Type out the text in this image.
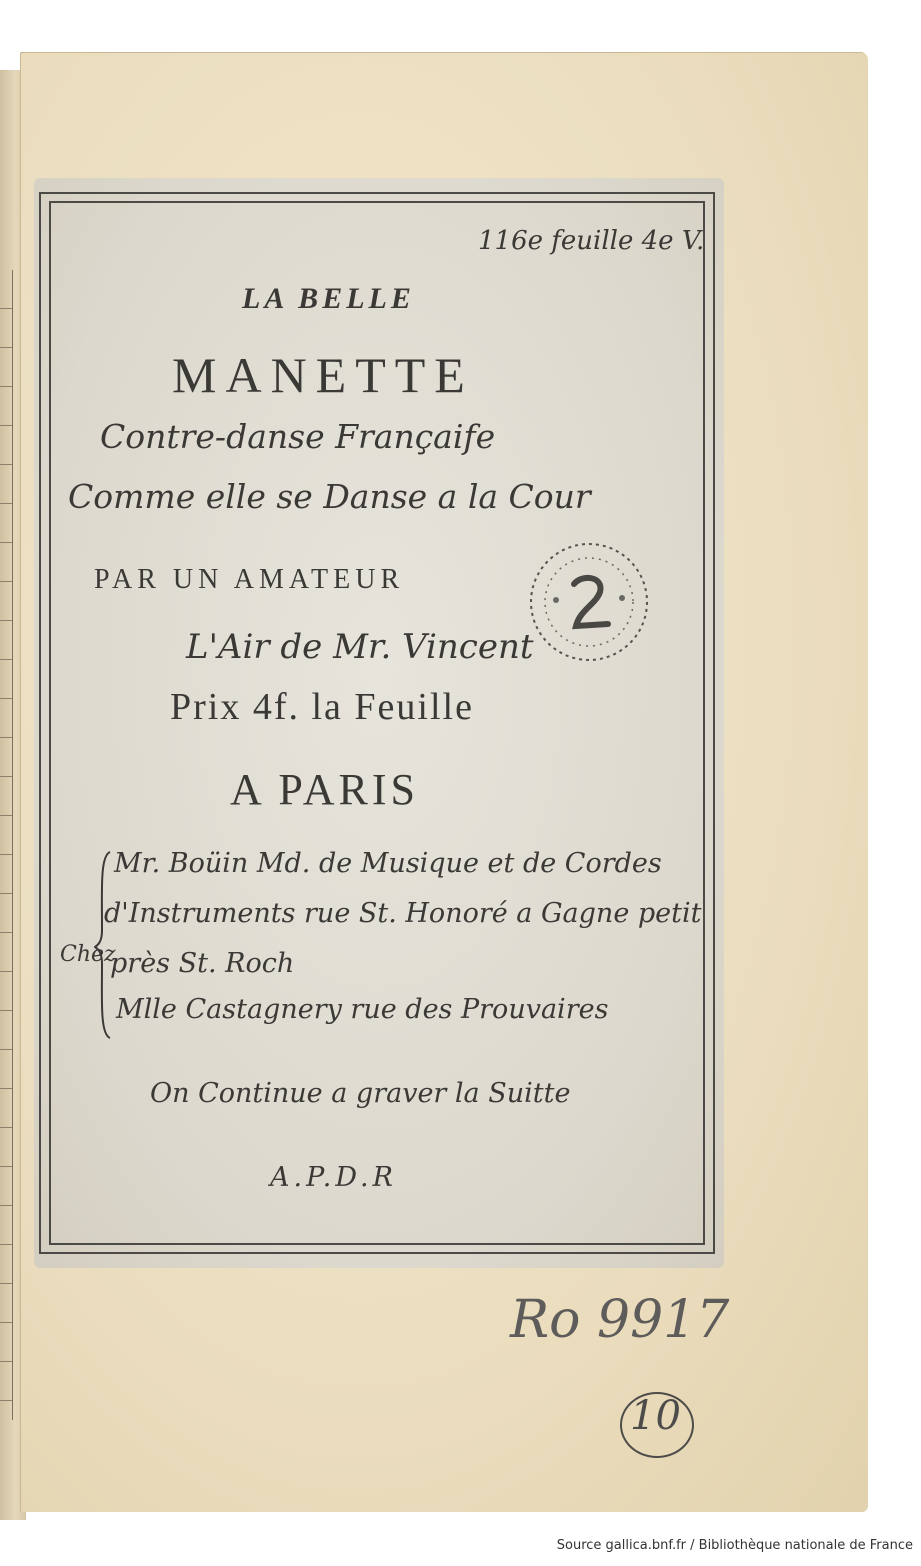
116e feuille 4e V.

LA BELLE

MANETTE

Contre-danse Françaife

Comme elle se Danse a la Cour

PAR UN AMATEUR

L'Air de Mr. Vincent

Prix 4f. la Feuille

A PARIS

Chez

Mr. Boüin Md. de Musique et de Cordes

d'Instruments rue St. Honoré a Gagne petit

près St. Roch

Mlle Castagnery rue des Prouvaires

On Continue a graver la Suitte

A.P.D.R

Ro 9917

10

Source gallica.bnf.fr / Bibliothèque nationale de France
